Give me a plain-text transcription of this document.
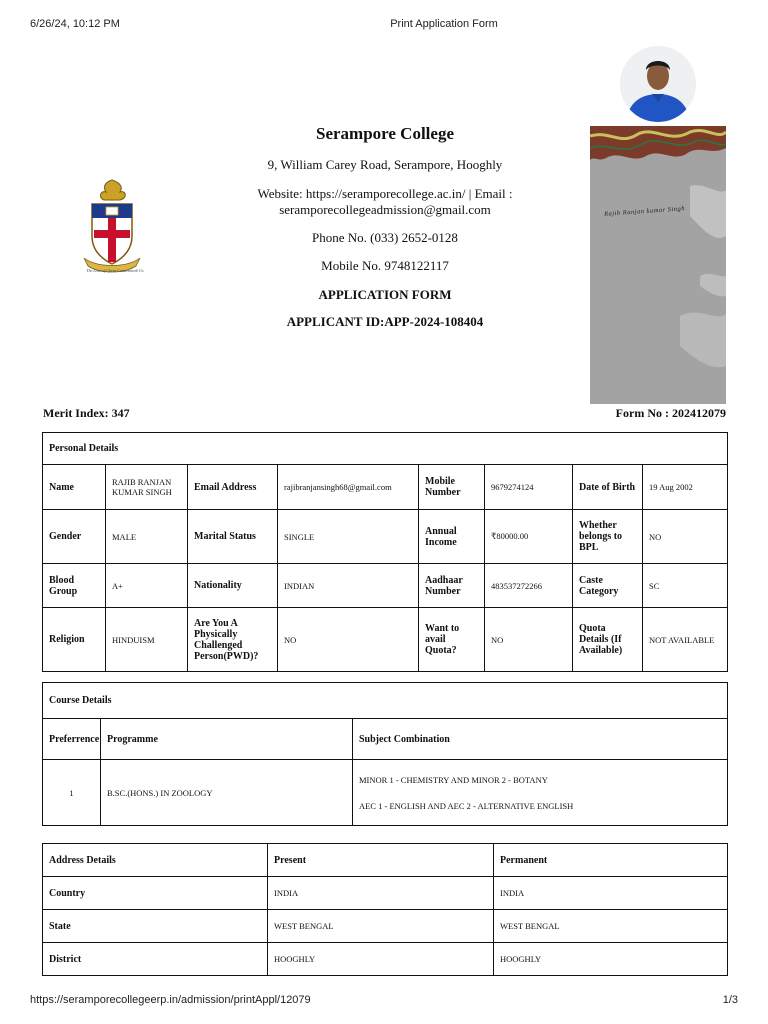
6/26/24, 10:12 PM	Print Application Form
The Love of Christ Constraineth Us
Serampore College
9, William Carey Road, Serampore, Hooghly
Website: https://seramporecollege.ac.in/ | Email :
seramporecollegeadmission@gmail.com
Phone No. (033) 2652-0128
Mobile No. 9748122117
APPLICATION FORM
APPLICANT ID:APP-2024-108404
Rajib Ranjan kumar Singh
Merit Index: 347	Form No : 202412079
Personal Details							
Name	RAJIB RANJAN KUMAR SINGH	Email Address	rajibranjansingh68@gmail.com	Mobile Number	9679274124	Date of Birth	19 Aug 2002
Gender	MALE	Marital Status	SINGLE	Annual Income	₹80000.00	Whether belongs to BPL	NO
Blood Group	A+	Nationality	INDIAN	Aadhaar Number	483537272266	Caste Category	SC
Religion	HINDUISM	Are You A Physically Challenged Person(PWD)?	NO	Want to avail Quota?	NO	Quota Details (If Available)	NOT AVAILABLE
Course Details		
Preferrence	Programme	Subject Combination
1	B.SC.(HONS.) IN ZOOLOGY	MINOR 1 - CHEMISTRY AND MINOR 2 - BOTANY
AEC 1 - ENGLISH AND AEC 2 - ALTERNATIVE ENGLISH
Address Details	Present	Permanent
Country	INDIA	INDIA
State	WEST BENGAL	WEST BENGAL
District	HOOGHLY	HOOGHLY
https://seramporecollegeerp.in/admission/printAppl/12079	1/3
